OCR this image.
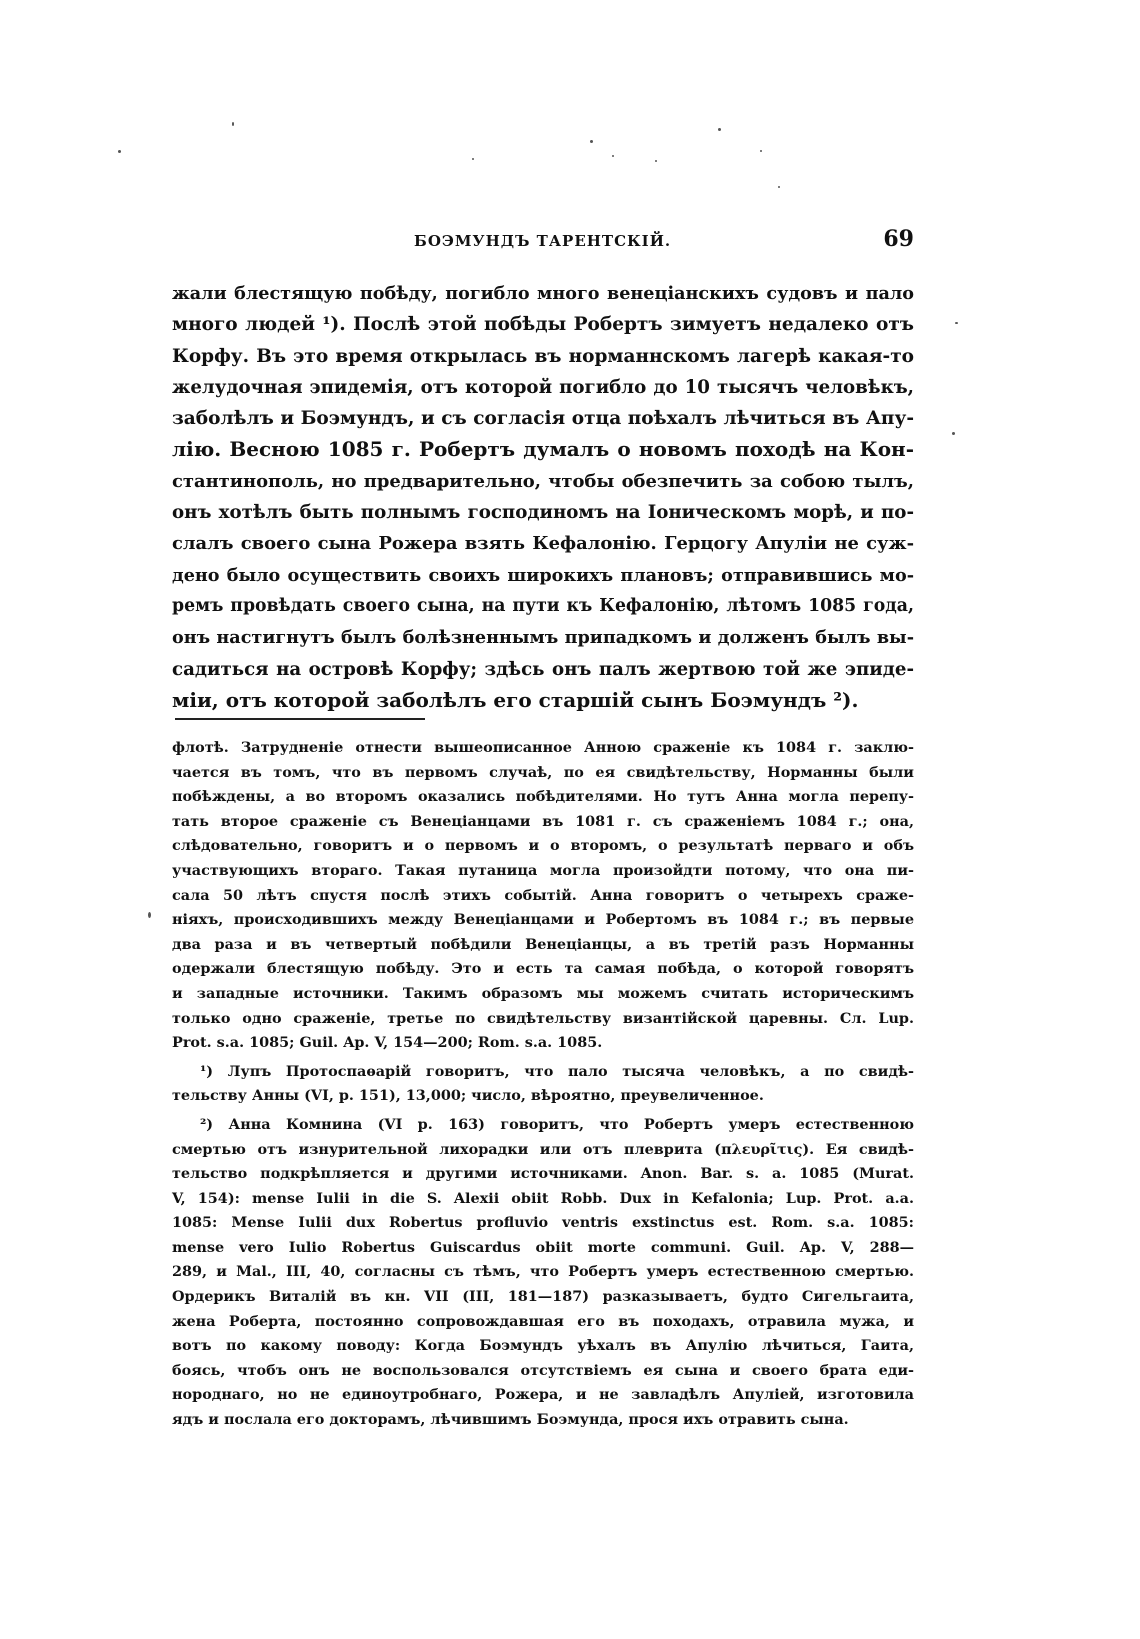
БОЭМУНДЪ ТАРЕНТСКІЙ.	69
жали блестящую побѣду, погибло много венеціанскихъ судовъ и пало
много людей ¹). Послѣ этой побѣды Робертъ зимуетъ недалеко отъ
Корфу. Въ это время открылась въ норманнскомъ лагерѣ какая-то
желудочная эпидемія, отъ которой погибло до 10 тысячъ человѣкъ,
заболѣлъ и Боэмундъ, и съ согласія отца поѣхалъ лѣчиться въ Апу-
лію. Весною 1085 г. Робертъ думалъ о новомъ походѣ на Кон-
стантинополь, но предварительно, чтобы обезпечить за собою тылъ,
онъ хотѣлъ быть полнымъ господиномъ на Іоническомъ морѣ, и по-
слалъ своего сына Рожера взять Кефалонію. Герцогу Апуліи не суж-
дено было осуществить своихъ широкихъ плановъ; отправившись мо-
ремъ провѣдать своего сына, на пути къ Кефалонію, лѣтомъ 1085 года,
онъ настигнутъ былъ болѣзненнымъ припадкомъ и долженъ былъ вы-
садиться на островѣ Корфу; здѣсь онъ палъ жертвою той же эпиде-
міи, отъ которой заболѣлъ его старшій сынъ Боэмундъ ²).
флотѣ. Затрудненіе отнести вышеописанное Анною сраженіе къ 1084 г. заклю-
чается въ томъ, что въ первомъ случаѣ, по ея свидѣтельству, Норманны были
побѣждены, а во второмъ оказались побѣдителями. Но тутъ Анна могла перепу-
тать второе сраженіе съ Венеціанцами въ 1081 г. съ сраженіемъ 1084 г.; она,
слѣдовательно, говоритъ и о первомъ и о второмъ, о результатѣ перваго и объ
участвующихъ втораго. Такая путаница могла произойдти потому, что она пи-
сала 50 лѣтъ спустя послѣ этихъ событій. Анна говоритъ о четырехъ сраже-
ніяхъ, происходившихъ между Венеціанцами и Робертомъ въ 1084 г.; въ первые
два раза и въ четвертый побѣдили Венеціанцы, а въ третій разъ Норманны
одержали блестящую побѣду. Это и есть та самая побѣда, о которой говорятъ
и западные источники. Такимъ образомъ мы можемъ считать историческимъ
только одно сраженіе, третье по свидѣтельству византійской царевны. Cл. Lup.
Prot. s.a. 1085; Guil. Ap. V, 154—200; Rom. s.a. 1085.
¹) Лупъ Протоспаѳарій говоритъ, что пало тысяча человѣкъ, а по свидѣ-
тельству Анны (VI, p. 151), 13,000; число, вѣроятно, преувеличенное.
²) Анна Комнина (VI p. 163) говоритъ, что Робертъ умеръ естественною
смертью отъ изнурительной лихорадки или отъ плеврита (πλευρῖτις). Ея свидѣ-
тельство подкрѣпляется и другими источниками. Anon. Bar. s. a. 1085 (Murat.
V, 154): mense Iulii in die S. Alexii obiit Robb. Dux in Kefalonia; Lup. Prot. a.a.
1085: Mense Iulii dux Robertus profluvio ventris exstinctus est. Rom. s.a. 1085:
mense vero Iulio Robertus Guiscardus obiit morte communi. Guil. Ap. V, 288—
289, и Mal., III, 40, согласны съ тѣмъ, что Робертъ умеръ естественною смертью.
Ордерикъ Виталій въ кн. VII (III, 181—187) разказываетъ, будто Сигельгаита,
жена Роберта, постоянно сопровождавшая его въ походахъ, отравила мужа, и
вотъ по какому поводу: Когда Боэмундъ уѣхалъ въ Апулію лѣчиться, Гаита,
боясь, чтобъ онъ не воспользовался отсутствіемъ ея сына и своего брата еди-
нороднаго, но не единоутробнаго, Рожера, и не завладѣлъ Апуліей, изготовила
ядъ и послала его докторамъ, лѣчившимъ Боэмунда, прося ихъ отравить сына.
